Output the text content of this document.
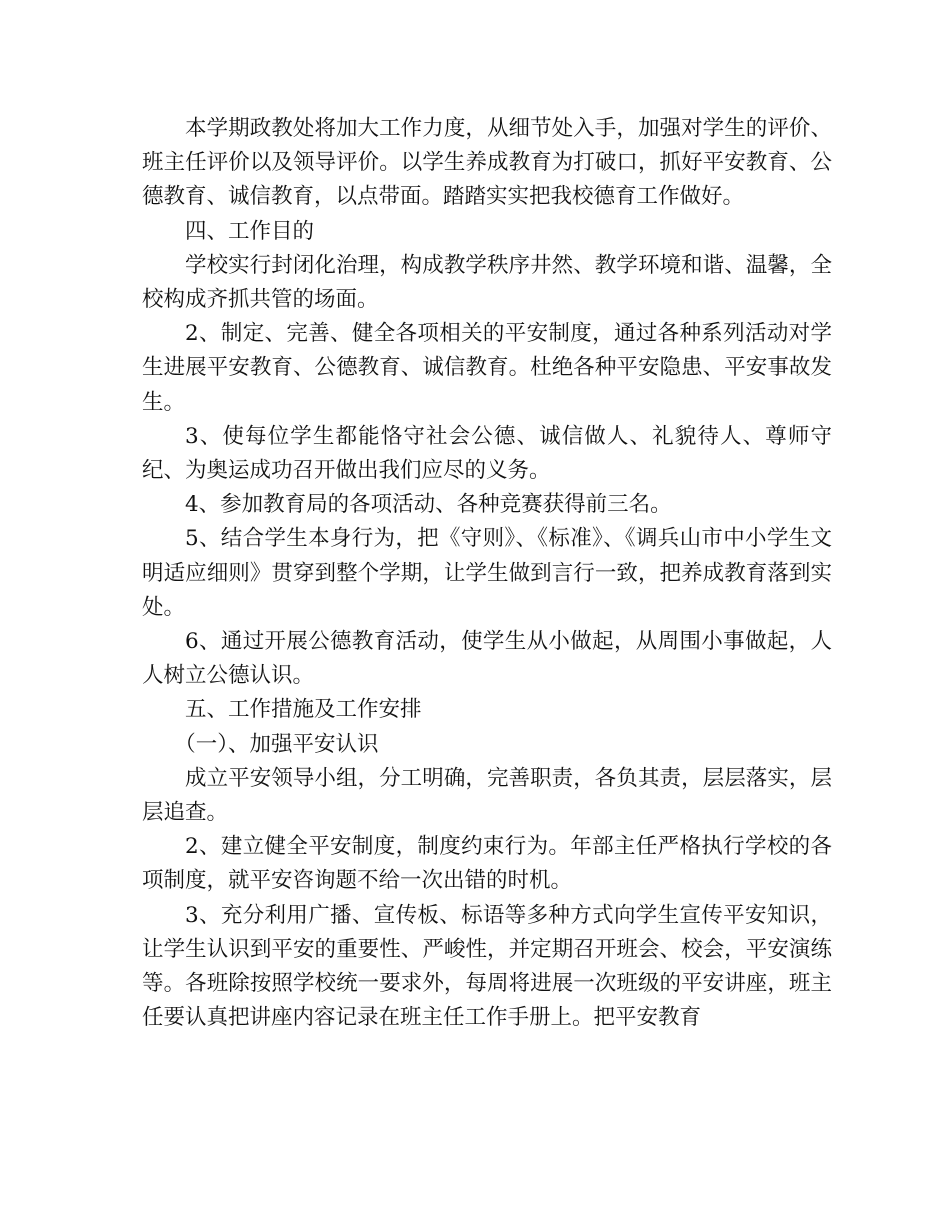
本学期政教处将加大工作力度，从细节处入手，加强对学生的评价、班主任评价以及领导评价。以学生养成教育为打破口，抓好平安教育、公德教育、诚信教育，以点带面。踏踏实实把我校德育工作做好。

四、工作目的

学校实行封闭化治理，构成教学秩序井然、教学环境和谐、温馨，全校构成齐抓共管的场面。

2、制定、完善、健全各项相关的平安制度，通过各种系列活动对学生进展平安教育、公德教育、诚信教育。杜绝各种平安隐患、平安事故发生。

3、使每位学生都能恪守社会公德、诚信做人、礼貌待人、尊师守纪、为奥运成功召开做出我们应尽的义务。

4、参加教育局的各项活动、各种竞赛获得前三名。

5、结合学生本身行为，把《守则》、《标准》、《调兵山市中小学生文明适应细则》贯穿到整个学期，让学生做到言行一致，把养成教育落到实处。

6、通过开展公德教育活动，使学生从小做起，从周围小事做起，人人树立公德认识。

五、工作措施及工作安排

（一）、加强平安认识

成立平安领导小组，分工明确，完善职责，各负其责，层层落实，层层追查。

2、建立健全平安制度，制度约束行为。年部主任严格执行学校的各项制度，就平安咨询题不给一次出错的时机。

3、充分利用广播、宣传板、标语等多种方式向学生宣传平安知识，让学生认识到平安的重要性、严峻性，并定期召开班会、校会，平安演练等。各班除按照学校统一要求外，每周将进展一次班级的平安讲座，班主任要认真把讲座内容记录在班主任工作手册上。把平安教育
